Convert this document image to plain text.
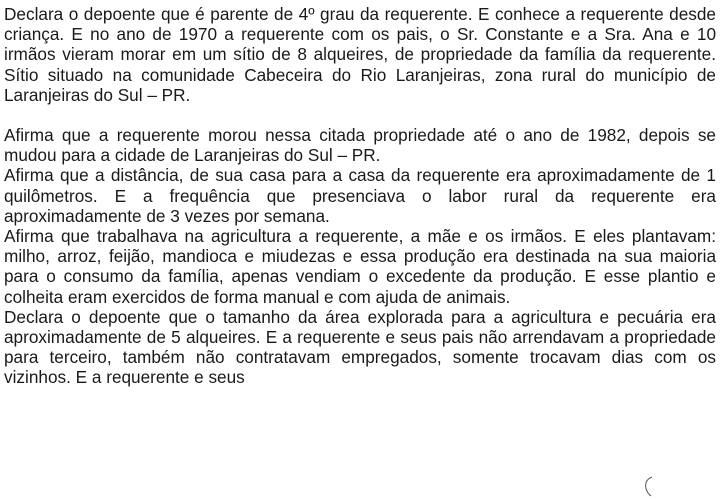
Declara o depoente que é parente de 4º grau da requerente. E conhece a requerente desde criança. E no ano de 1970 a requerente com os pais, o Sr. Constante e a Sra. Ana e 10 irmãos vieram morar em um sítio de 8 alqueires, de propriedade da família da requerente. Sítio situado na comunidade Cabeceira do Rio Laranjeiras, zona rural do município de Laranjeiras do Sul – PR.

Afirma que a requerente morou nessa citada propriedade até o ano de 1982, depois se mudou para a cidade de Laranjeiras do Sul – PR.

Afirma que a distância, de sua casa para a casa da requerente era aproximadamente de 1 quilômetros. E a frequência que presenciava o labor rural da requerente era aproximadamente de 3 vezes por semana.

Afirma que trabalhava na agricultura a requerente, a mãe e os irmãos. E eles plantavam: milho, arroz, feijão, mandioca e miudezas e essa produção era destinada na sua maioria para o consumo da família, apenas vendiam o excedente da produção. E esse plantio e colheita eram exercidos de forma manual e com ajuda de animais.

Declara o depoente que o tamanho da área explorada para a agricultura e pecuária era aproximadamente de 5 alqueires. E a requerente e seus pais não arrendavam a propriedade para terceiro, também não contratavam empregados, somente trocavam dias com os vizinhos. E a requerente e seus
